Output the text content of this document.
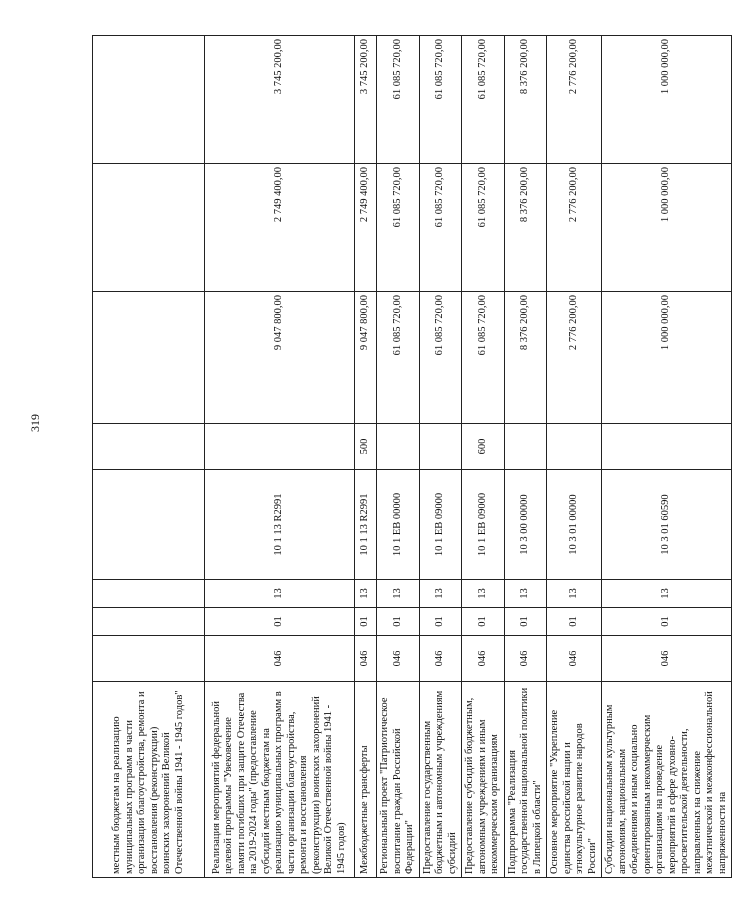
319
местным бюджетам на реализацию муниципальных программ в части организации благоустройства, ремонта и восстановления (реконструкции) воинских захоронений Великой Отечественной войны 1941 - 1945 годов"								
Реализация мероприятий федеральной целевой программы "Увековечение памяти погибших при защите Отечества на 2019-2024 годы" (предоставление субсидий местным бюджетам на реализацию муниципальных программ в части организации благоустройства, ремонта и восстановления (реконструкции) воинских захоронений Великой Отечественной войны 1941 - 1945 годов)	046	01	13	10 1 13 R2991		9 047 800,00	2 749 400,00	3 745 200,00
Межбюджетные трансферты	046	01	13	10 1 13 R2991	500	9 047 800,00	2 749 400,00	3 745 200,00
Региональный проект "Патриотическое воспитание граждан Российской Федерации"	046	01	13	10 1 EB 00000		61 085 720,00	61 085 720,00	61 085 720,00
Предоставление государственным бюджетным и автономным учреждениям субсидий	046	01	13	10 1 EB 09000		61 085 720,00	61 085 720,00	61 085 720,00
Предоставление субсидий бюджетным, автономным учреждениям и иным некоммерческим организациям	046	01	13	10 1 EB 09000	600	61 085 720,00	61 085 720,00	61 085 720,00
Подпрограмма "Реализация государственной национальной политики в Липецкой области"	046	01	13	10 3 00 00000		8 376 200,00	8 376 200,00	8 376 200,00
Основное мероприятие "Укрепление единства российской нации и этнокультурное развитие народов России"	046	01	13	10 3 01 00000		2 776 200,00	2 776 200,00	2 776 200,00
Субсидии национальным культурным автономиям, национальным объединениям и иным социально ориентированным некоммерческим организациям на проведение мероприятий в сфере духовно-просветительской деятельности, направленных на снижение межэтнической и межконфессиональной напряженности на	046	01	13	10 3 01 60590		1 000 000,00	1 000 000,00	1 000 000,00
